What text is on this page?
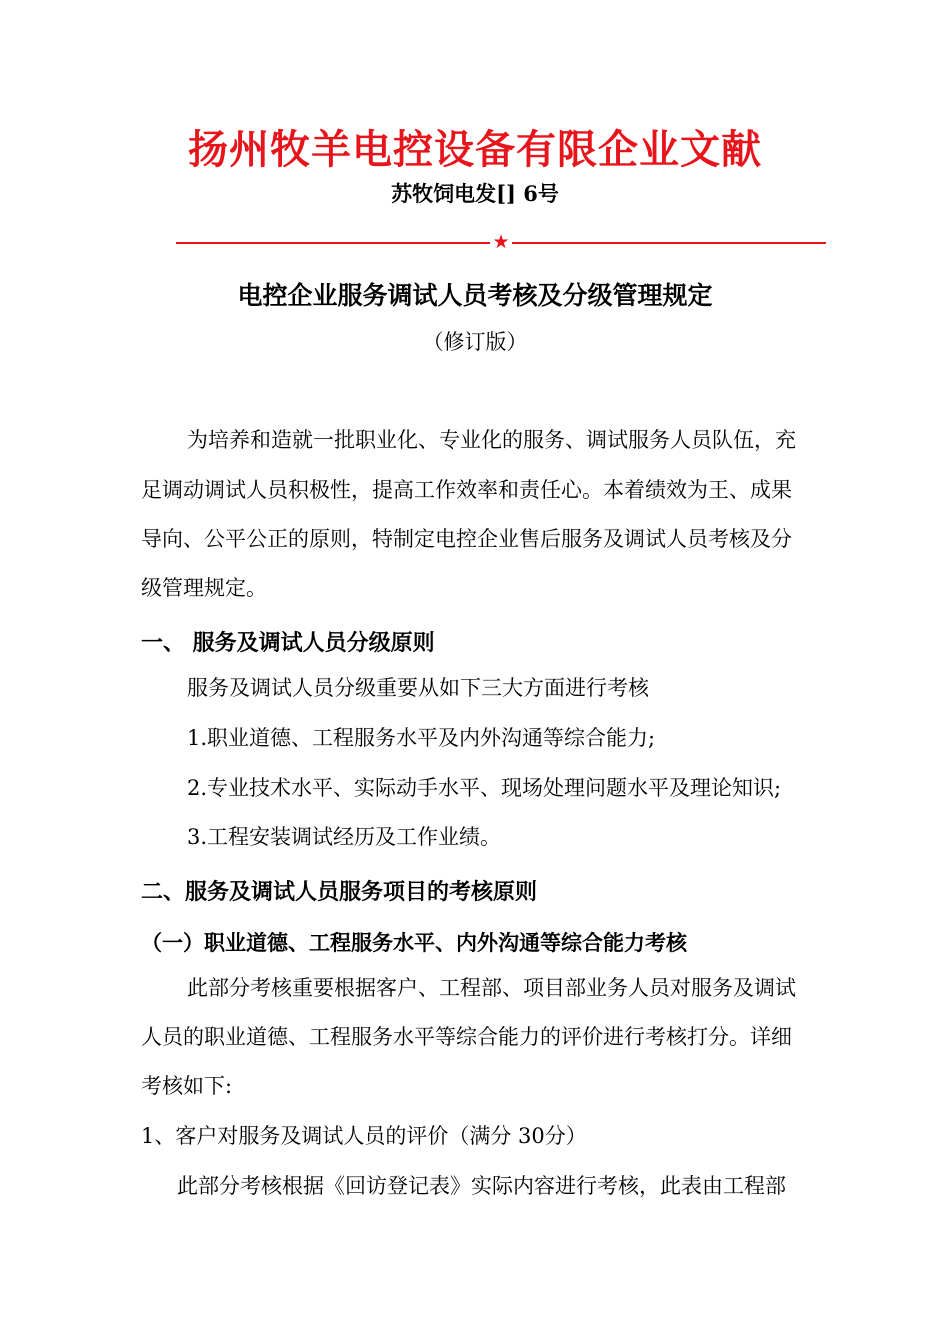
扬州牧羊电控设备有限企业文献
苏牧饲电发[] 6号
★
电控企业服务调试人员考核及分级管理规定
（修订版）
为培养和造就一批职业化、专业化的服务、调试服务人员队伍，充
足调动调试人员积极性，提高工作效率和责任心。本着绩效为王、成果
导向、公平公正的原则，特制定电控企业售后服务及调试人员考核及分
级管理规定。
一、 服务及调试人员分级原则
服务及调试人员分级重要从如下三大方面进行考核
1.职业道德、工程服务水平及内外沟通等综合能力;
2.专业技术水平、实际动手水平、现场处理问题水平及理论知识;
3.工程安装调试经历及工作业绩。
二、服务及调试人员服务项目的考核原则
（一）职业道德、工程服务水平、内外沟通等综合能力考核
此部分考核重要根据客户、工程部、项目部业务人员对服务及调试
人员的职业道德、工程服务水平等综合能力的评价进行考核打分。详细
考核如下:
1、客户对服务及调试人员的评价（满分 30分）
此部分考核根据《回访登记表》实际内容进行考核，此表由工程部
